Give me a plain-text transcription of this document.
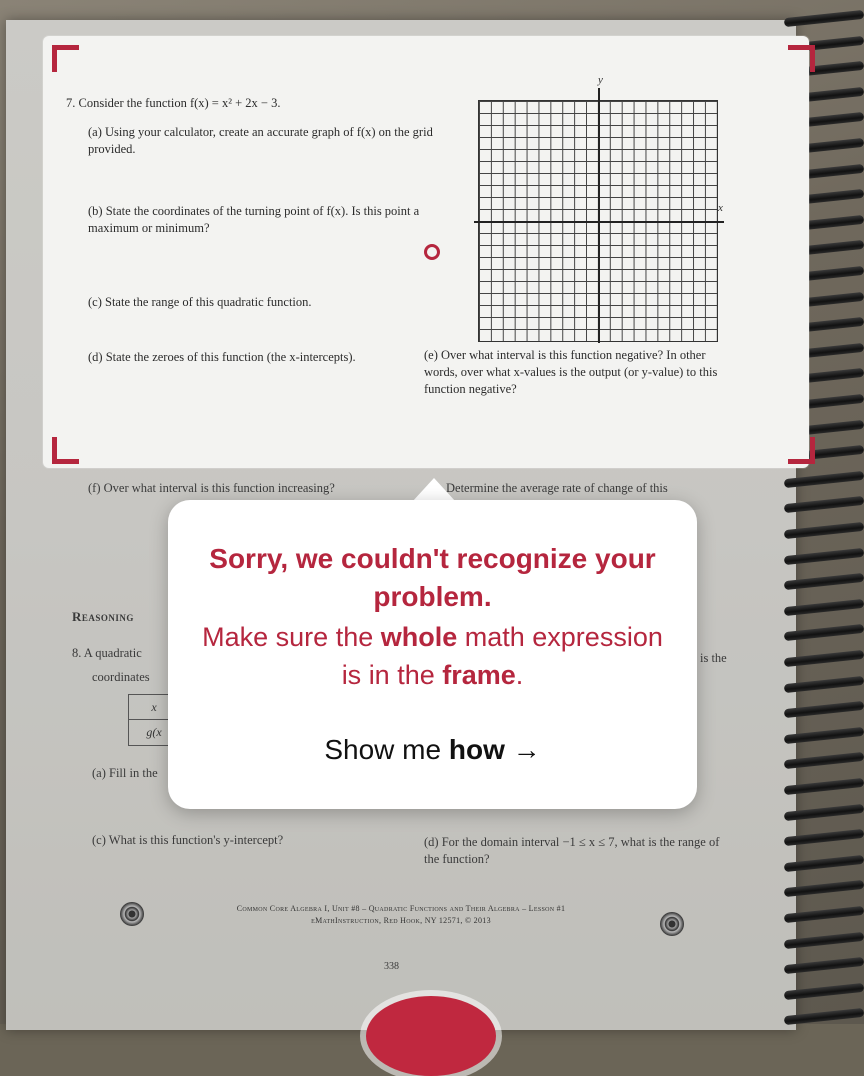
7. Consider the function f(x) = x² + 2x − 3.
(a) Using your calculator, create an accurate graph of f(x) on the grid provided.
(b) State the coordinates of the turning point of f(x). Is this point a maximum or minimum?
(c) State the range of this quadratic function.
(d) State the zeroes of this function (the x-intercepts).	(e) Over what interval is this function negative? In other words, over what x-values is the output (or y-value) to this function negative?
y
x
(f) Over what interval is this function increasing?	Determine the average rate of change of this
Reasoning
8. A quadratic
coordinates
is the
x
g(x
(a) Fill in the
(c) What is this function's y-intercept?	(d) For the domain interval −1 ≤ x ≤ 7, what is the range of the function?
Common Core Algebra I, Unit #8 – Quadratic Functions and Their Algebra – Lesson #1
eMathInstruction, Red Hook, NY 12571, © 2013
338
Sorry, we couldn't recognize your problem.
Make sure the whole math expression is in the frame.
Show me how →
